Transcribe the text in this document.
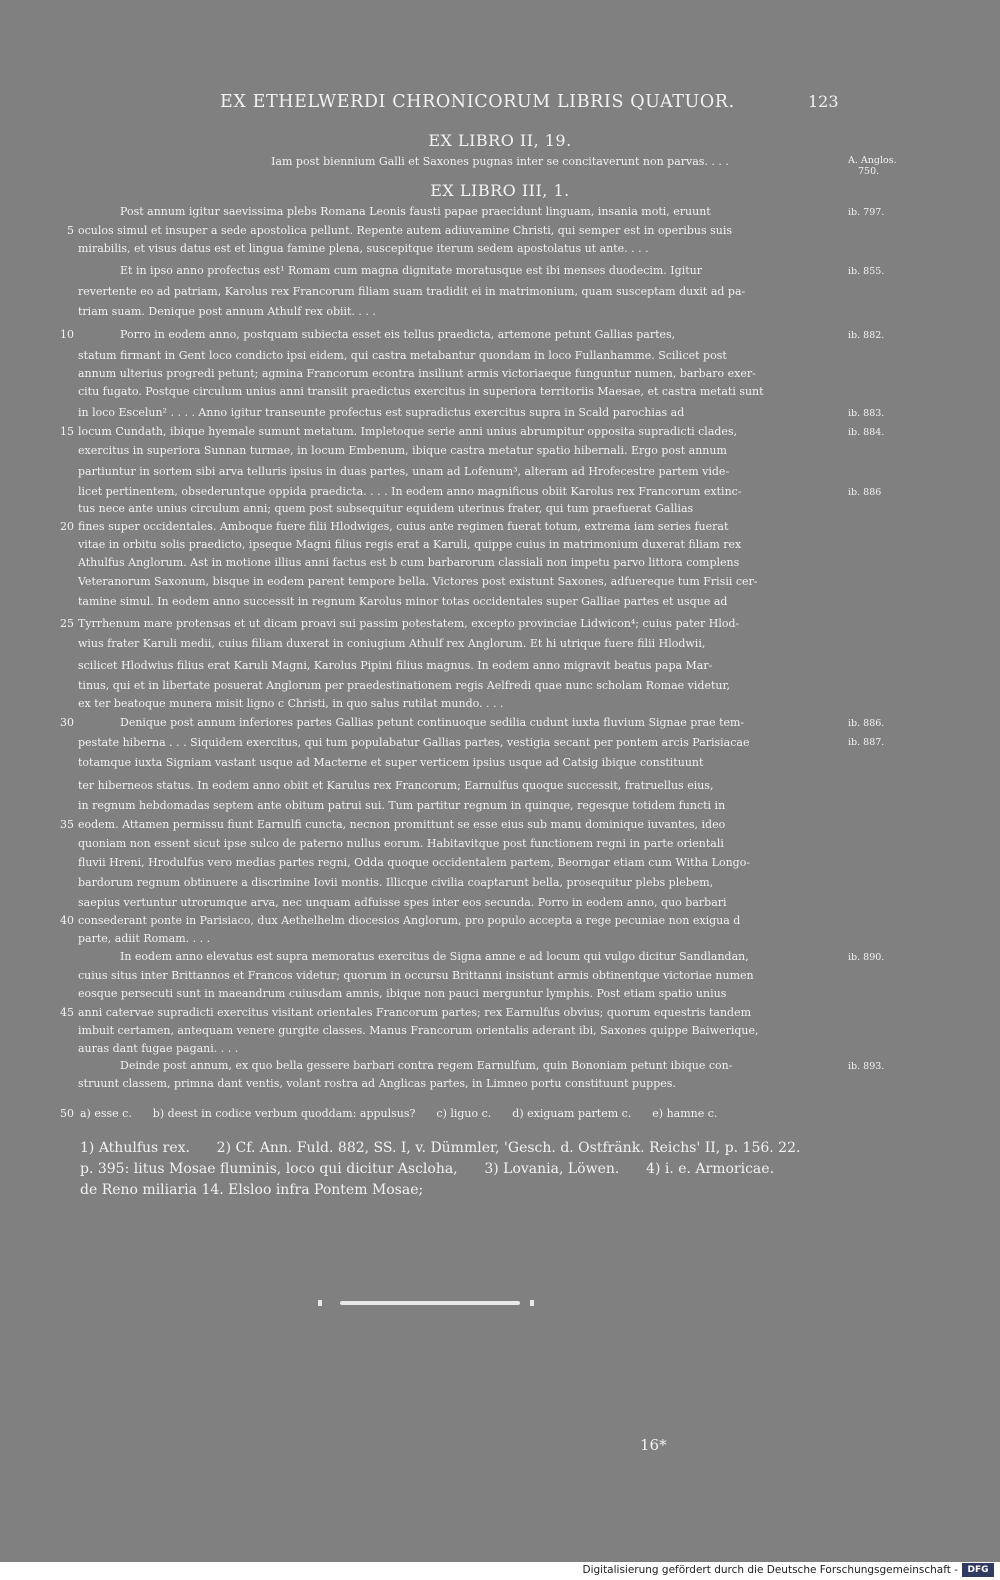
EX ETHELWERDI CHRONICORUM LIBRIS QUATUOR.	123
EX LIBRO II, 19.
Iam post biennium Galli et Saxones pugnas inter se concitaverunt non parvas. . . .	A. Anglos.
750.
EX LIBRO III, 1.
Post annum igitur saevissima plebs Romana Leonis fausti papae praecidunt linguam, insania moti, eruunt
oculos simul et insuper a sede apostolica pellunt. Repente autem adiuvamine Christi, qui semper est in operibus suis
mirabilis, et visus datus est et lingua famine plena, suscepitque iterum sedem apostolatus ut ante. . . .
Et in ipso anno profectus est¹ Romam cum magna dignitate moratusque est ibi menses duodecim. Igitur
revertente eo ad patriam, Karolus rex Francorum filiam suam tradidit ei in matrimonium, quam susceptam duxit ad pa-
triam suam. Denique post annum Athulf rex obiit. . . .
Porro in eodem anno, postquam subiecta esset eis tellus praedicta, artemone petunt Gallias partes,
statum firmant in Gent loco condicto ipsi eidem, qui castra metabantur quondam in loco Fullanhamme. Scilicet post
annum ulterius progredi petunt; agmina Francorum econtra insiliunt armis victoriaeque funguntur numen, barbaro exer-
citu fugato. Postque circulum unius anni transiit praedictus exercitus in superiora territoriis Maesae, et castra metati sunt
in loco Escelun² . . . . Anno igitur transeunte profectus est supradictus exercitus supra in Scald parochias ad
locum Cundath, ibique hyemale sumunt metatum. Impletoque serie anni unius abrumpitur opposita supradicti clades,
exercitus in superiora Sunnan turmae, in locum Embenum, ibique castra metatur spatio hibernali. Ergo post annum
partiuntur in sortem sibi arva telluris ipsius in duas partes, unam ad Lofenum³, alteram ad Hrofecestre partem vide-
licet pertinentem, obsederuntque oppida praedicta. . . . In eodem anno magnificus obiit Karolus rex Francorum extinc-
tus nece ante unius circulum anni; quem post subsequitur equidem uterinus frater, qui tum praefuerat Gallias
fines super occidentales. Amboque fuere filii Hlodwiges, cuius ante regimen fuerat totum, extrema iam series fuerat
vitae in orbitu solis praedicto, ipseque Magni filius regis erat a Karuli, quippe cuius in matrimonium duxerat filiam rex
Athulfus Anglorum. Ast in motione illius anni factus est b cum barbarorum classiali non impetu parvo littora complens
Veteranorum Saxonum, bisque in eodem parent tempore bella. Victores post existunt Saxones, adfuereque tum Frisii cer-
tamine simul. In eodem anno successit in regnum Karolus minor totas occidentales super Galliae partes et usque ad
Tyrrhenum mare protensas et ut dicam proavi sui passim potestatem, excepto provinciae Lidwicon⁴; cuius pater Hlod-
wius frater Karuli medii, cuius filiam duxerat in coniugium Athulf rex Anglorum. Et hi utrique fuere filii Hlodwii,
scilicet Hlodwius filius erat Karuli Magni, Karolus Pipini filius magnus. In eodem anno migravit beatus papa Mar-
tinus, qui et in libertate posuerat Anglorum per praedestinationem regis Aelfredi quae nunc scholam Romae videtur,
ex ter beatoque munera misit ligno c Christi, in quo salus rutilat mundo. . . .
Denique post annum inferiores partes Gallias petunt continuoque sedilia cudunt iuxta fluvium Signae prae tem-
pestate hiberna . . . Siquidem exercitus, qui tum populabatur Gallias partes, vestigia secant per pontem arcis Parisiacae
totamque iuxta Signiam vastant usque ad Macterne et super verticem ipsius usque ad Catsig ibique constituunt
ter hiberneos status. In eodem anno obiit et Karulus rex Francorum; Earnulfus quoque successit, fratruellus eius,
in regnum hebdomadas septem ante obitum patrui sui. Tum partitur regnum in quinque, regesque totidem functi in
eodem. Attamen permissu fiunt Earnulfi cuncta, necnon promittunt se esse eius sub manu dominique iuvantes, ideo
quoniam non essent sicut ipse sulco de paterno nullus eorum. Habitavitque post functionem regni in parte orientali
fluvii Hreni, Hrodulfus vero medias partes regni, Odda quoque occidentalem partem, Beorngar etiam cum Witha Longo-
bardorum regnum obtinuere a discrimine Iovii montis. Illicque civilia coaptarunt bella, prosequitur plebs plebem,
saepius vertuntur utrorumque arva, nec unquam adfuisse spes inter eos secunda. Porro in eodem anno, quo barbari
consederant ponte in Parisiaco, dux Aethelhelm diocesios Anglorum, pro populo accepta a rege pecuniae non exigua d
parte, adiit Romam. . . .
In eodem anno elevatus est supra memoratus exercitus de Signa amne e ad locum qui vulgo dicitur Sandlandan,
cuius situs inter Brittannos et Francos videtur; quorum in occursu Brittanni insistunt armis obtinentque victoriae numen
eosque persecuti sunt in maeandrum cuiusdam amnis, ibique non pauci merguntur lymphis. Post etiam spatio unius
anni catervae supradicti exercitus visitant orientales Francorum partes; rex Earnulfus obvius; quorum equestris tandem
imbuit certamen, antequam venere gurgite classes. Manus Francorum orientalis aderant ibi, Saxones quippe Baiwerique,
auras dant fugae pagani. . . .
Deinde post annum, ex quo bella gessere barbari contra regem Earnulfum, quin Bononiam petunt ibique con-
struunt classem, primna dant ventis, volant rostra ad Anglicas partes, in Limneo portu constituunt puppes.
5
10
15
20
25
30
35
40
45
50
ib. 797.
ib. 855.
ib. 882.
ib. 883.
ib. 884.
ib. 886
ib. 886.
ib. 887.
ib. 890.
ib. 893.
a) esse c.      b) deest in codice verbum quoddam: appulsus?      c) liguo c.      d) exiguam partem c.      e) hamne c.
1) Athulfus rex.      2) Cf. Ann. Fuld. 882, SS. I, v. Dümmler, 'Gesch. d. Ostfränk. Reichs' II, p. 156. 22.
p. 395: litus Mosae fluminis, loco qui dicitur Ascloha,      3) Lovania, Löwen.      4) i. e. Armoricae.
de Reno miliaria 14. Elsloo infra Pontem Mosae;
16*
Digitalisierung gefördert durch die Deutsche Forschungsgemeinschaft -	DFG
